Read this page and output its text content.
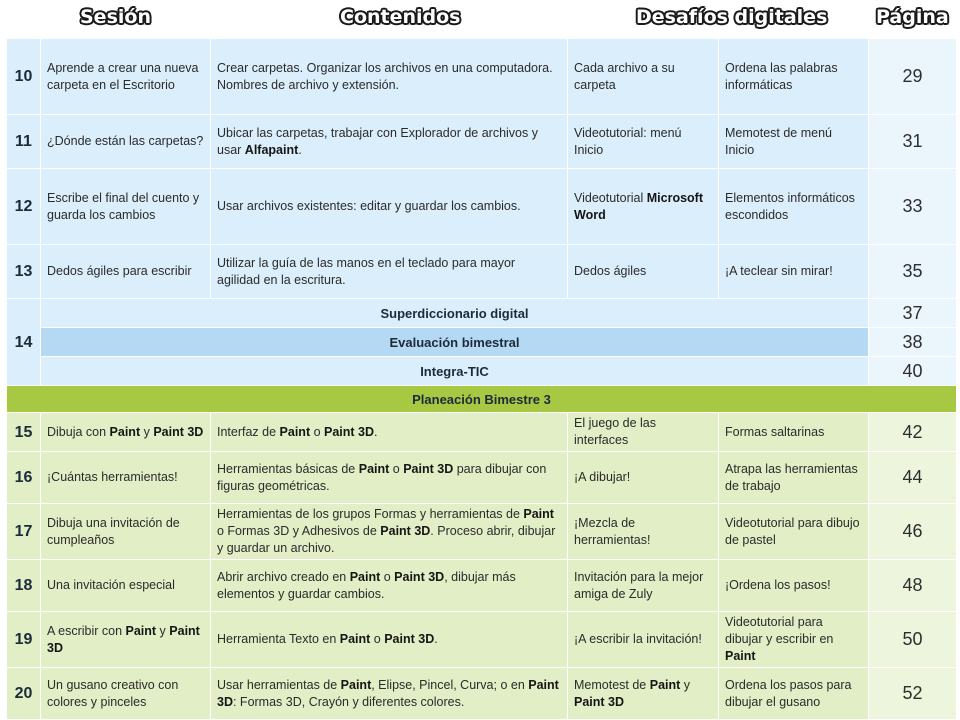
Sesión	Contenidos	Desafíos digitales	Página
10	Aprende a crear una nueva carpeta en el Escritorio	Crear carpetas. Organizar los archivos en una computadora. Nombres de archivo y extensión.	Cada archivo a su carpeta	Ordena las palabras informáticas	29
11	¿Dónde están las carpetas?	Ubicar las carpetas, trabajar con Explorador de archivos y usar Alfapaint.	Videotutorial: menú Inicio	Memotest de menú Inicio	31
12	Escribe el final del cuento y guarda los cambios	Usar archivos existentes: editar y guardar los cambios.	Videotutorial Microsoft Word	Elementos informáticos escondidos	33
13	Dedos ágiles para escribir	Utilizar la guía de las manos en el teclado para mayor agilidad en la escritura.	Dedos ágiles	¡A teclear sin mirar!	35
14	Superdiccionario digital				37
	Evaluación bimestral				38
	Integra-TIC				40
Planeación Bimestre 3					
15	Dibuja con Paint y Paint 3D	Interfaz de Paint o Paint 3D.	El juego de las interfaces	Formas saltarinas	42
16	¡Cuántas herramientas!	Herramientas básicas de Paint o Paint 3D para dibujar con figuras geométricas.	¡A dibujar!	Atrapa las herramientas de trabajo	44
17	Dibuja una invitación de cumpleaños	Herramientas de los grupos Formas y herramientas de Paint o Formas 3D y Adhesivos de Paint 3D. Proceso abrir, dibujar y guardar un archivo.	¡Mezcla de herramientas!	Videotutorial para dibujo de pastel	46
18	Una invitación especial	Abrir archivo creado en Paint o Paint 3D, dibujar más elementos y guardar cambios.	Invitación para la mejor amiga de Zuly	¡Ordena los pasos!	48
19	A escribir con Paint y Paint 3D	Herramienta Texto en Paint o Paint 3D.	¡A escribir la invitación!	Videotutorial para dibujar y escribir en Paint	50
20	Un gusano creativo con colores y pinceles	Usar herramientas de Paint, Elipse, Pincel, Curva; o en Paint 3D: Formas 3D, Crayón y diferentes colores.	Memotest de Paint y Paint 3D	Ordena los pasos para dibujar el gusano	52
